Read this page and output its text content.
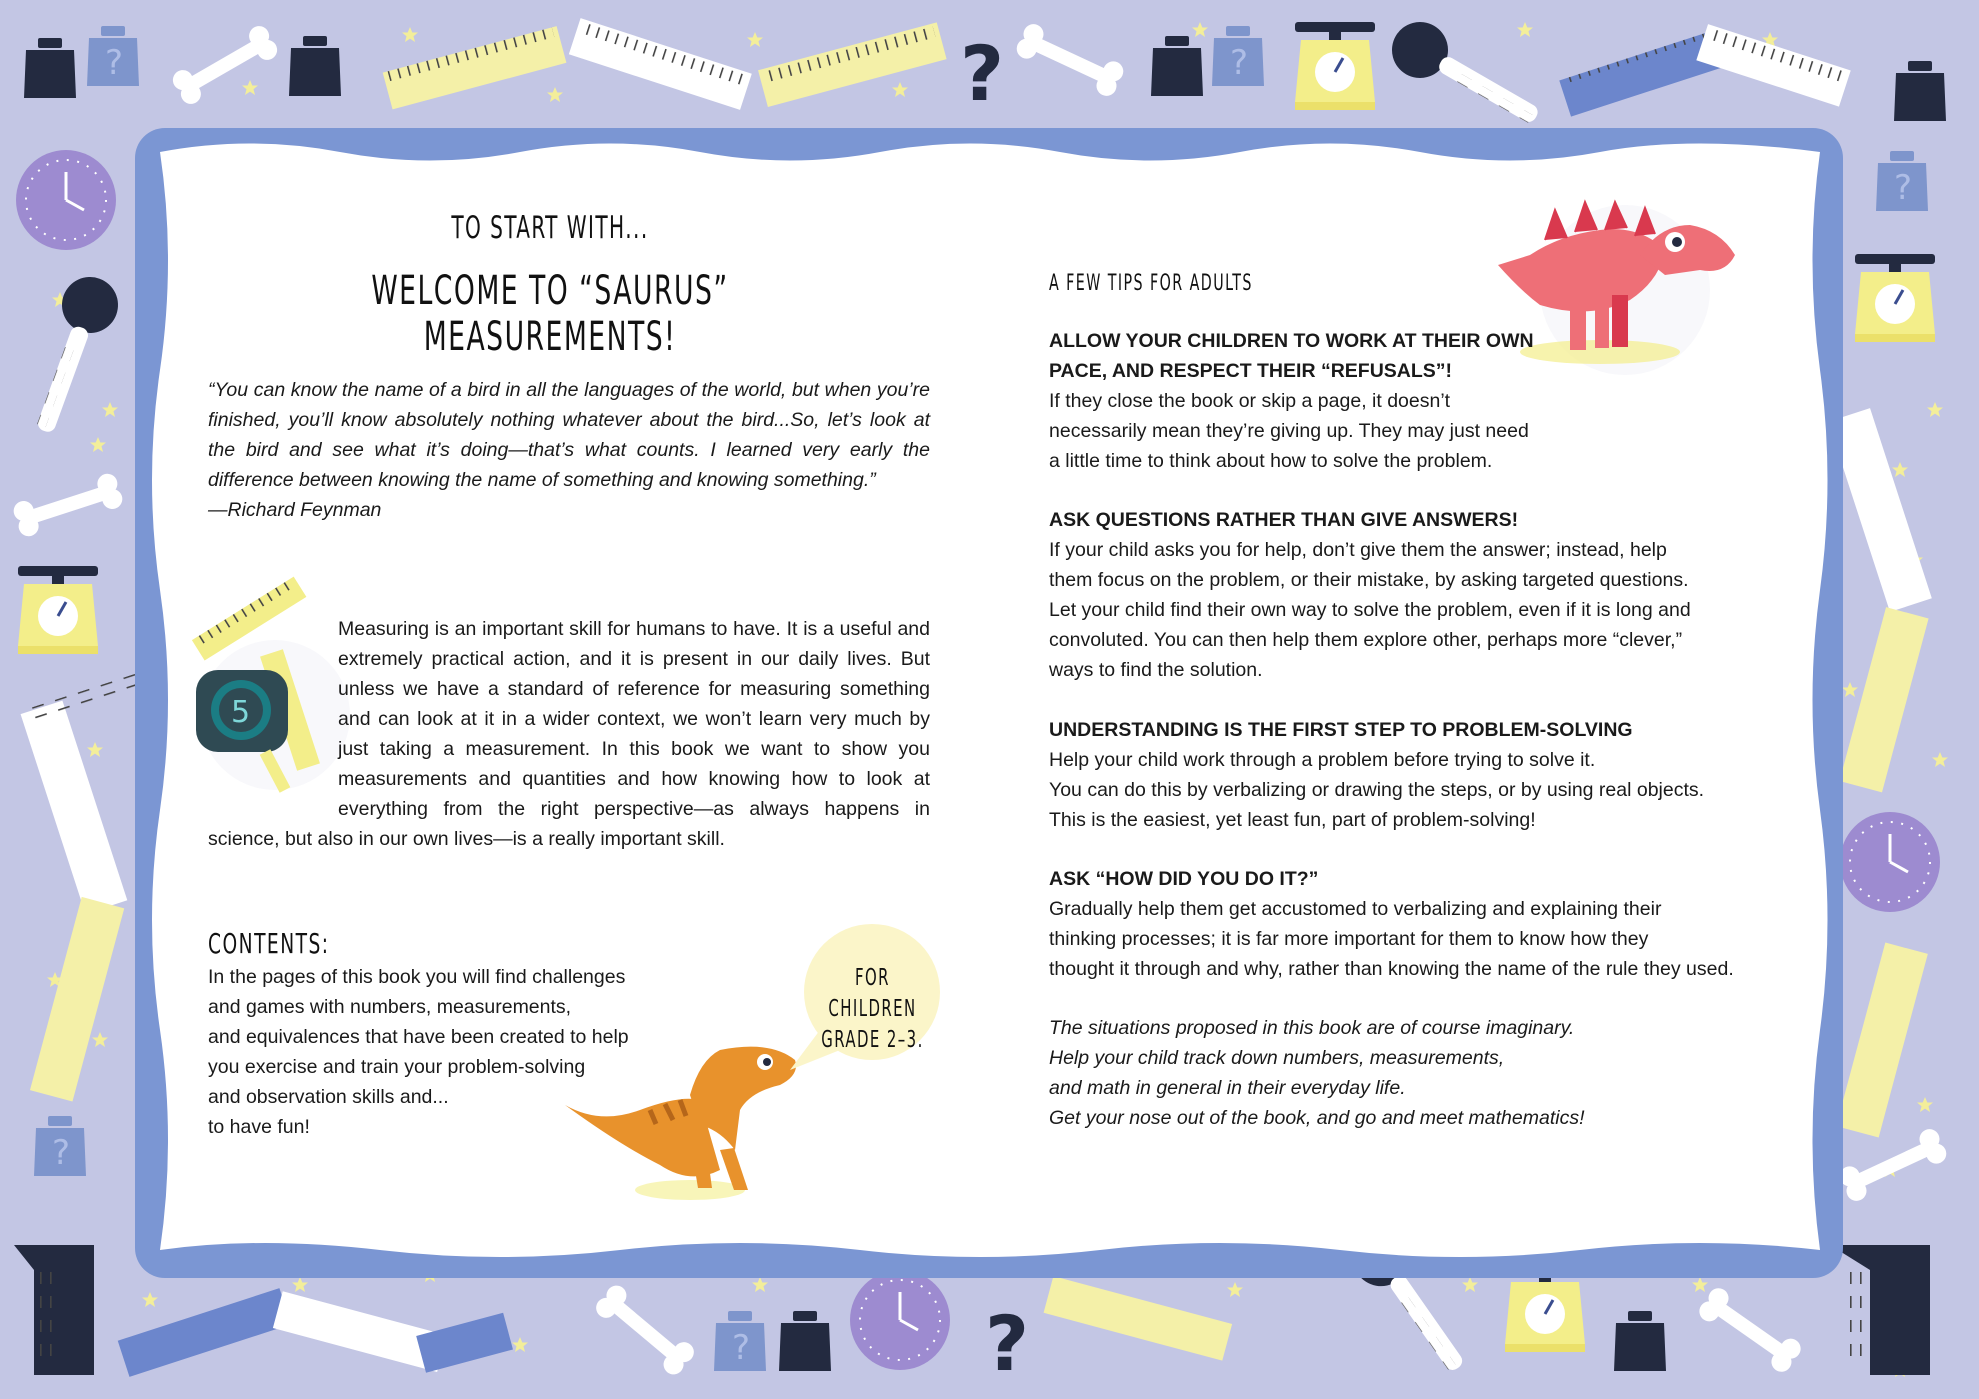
?
?
5
TO START WITH...
WELCOME TO “SAURUS” MEASUREMENTS!
“You can know the name of a bird in all the languages of the world, but when you’re finished, you’ll know absolutely nothing whatever about the bird...So, let’s look at the bird and see what it’s doing—that’s what counts. I learned very early the difference between knowing the name of something and knowing something.”
—Richard Feynman
Measuring is an important skill for humans to have. It is a useful and extremely practical action, and it is present in our daily lives. But unless we have a standard of reference for measuring something and can look at it in a wider context, we won’t learn very much by just taking a measurement. In this book we want to show you measurements and quantities and how knowing how to look at everything from the right perspective—as always happens in science, but also in our own lives—is a really important skill.
CONTENTS:
In the pages of this book you will find challenges
and games with numbers, measurements,
and equivalences that have been created to help
you exercise and train your problem-solving
and observation skills and...
to have fun!
FOR CHILDREN
GRADE 2–3.
A FEW TIPS FOR ADULTS
ALLOW YOUR CHILDREN TO WORK AT THEIR OWN PACE, AND RESPECT THEIR “REFUSALS”!
If they close the book or skip a page, it doesn’t
necessarily mean they’re giving up. They may just need
a little time to think about how to solve the problem.
ASK QUESTIONS RATHER THAN GIVE ANSWERS!
If your child asks you for help, don’t give them the answer; instead, help
them focus on the problem, or their mistake, by asking targeted questions.
Let your child find their own way to solve the problem, even if it is long and
convoluted. You can then help them explore other, perhaps more “clever,”
ways to find the solution.
UNDERSTANDING IS THE FIRST STEP TO PROBLEM-SOLVING
Help your child work through a problem before trying to solve it.
You can do this by verbalizing or drawing the steps, or by using real objects.
This is the easiest, yet least fun, part of problem-solving!
ASK “HOW DID YOU DO IT?”
Gradually help them get accustomed to verbalizing and explaining their
thinking processes; it is far more important for them to know how they
thought it through and why, rather than knowing the name of the rule they used.
The situations proposed in this book are of course imaginary.
Help your child track down numbers, measurements,
and math in general in their everyday life.
Get your nose out of the book, and go and meet mathematics!
